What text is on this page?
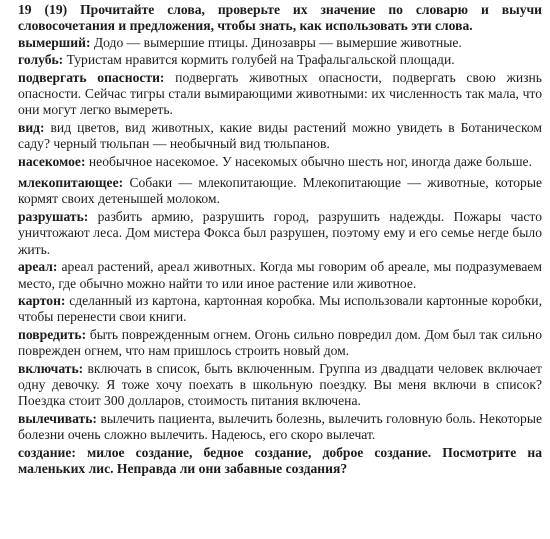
19 (19) Прочитайте слова, проверьте их значение по словарю и выучи словосочетания и предложения, чтобы знать, как использовать эти слова.
вымерший: Додо — вымершие птицы. Динозавры — вымершие животные.
голубь: Туристам нравится кормить голубей на Трафальгальской площади.
подвергать опасности: подвергать животных опасности, подвергать свою жизнь опасности. Сейчас тигры стали вымирающими животными: их численность так мала, что они могут легко вымереть.
вид: вид цветов, вид животных, какие виды растений можно увидеть в Ботаническом саду? черный тюльпан — необычный вид тюльпанов.
насекомое: необычное насекомое. У насекомых обычно шесть ног, иногда даже больше.
млекопитающее: Собаки — млекопитающие. Млекопитающие — животные, которые кормят своих детенышей молоком.
разрушать: разбить армию, разрушить город, разрушить надежды. Пожары часто уничтожают леса. Дом мистера Фокса был разрушен, поэтому ему и его семье негде было жить.
ареал: ареал растений, ареал животных. Когда мы говорим об ареале, мы подразумеваем место, где обычно можно найти то или иное растение или животное.
картон: сделанный из картона, картонная коробка. Мы использовали картонные коробки, чтобы перенести свои книги.
повредить: быть поврежденным огнем. Огонь сильно повредил дом. Дом был так сильно поврежден огнем, что нам пришлось строить новый дом.
включать: включать в список, быть включенным. Группа из двадцати человек включает одну девочку. Я тоже хочу поехать в школьную поездку. Вы меня включи в список? Поездка стоит 300 долларов, стоимость питания включена.
вылечивать: вылечить пациента, вылечить болезнь, вылечить головную боль. Некоторые болезни очень сложно вылечить. Надеюсь, его скоро вылечат.
создание: милое создание, бедное создание, доброе создание. Посмотрите на маленьких лис. Неправда ли они забавные создания?
